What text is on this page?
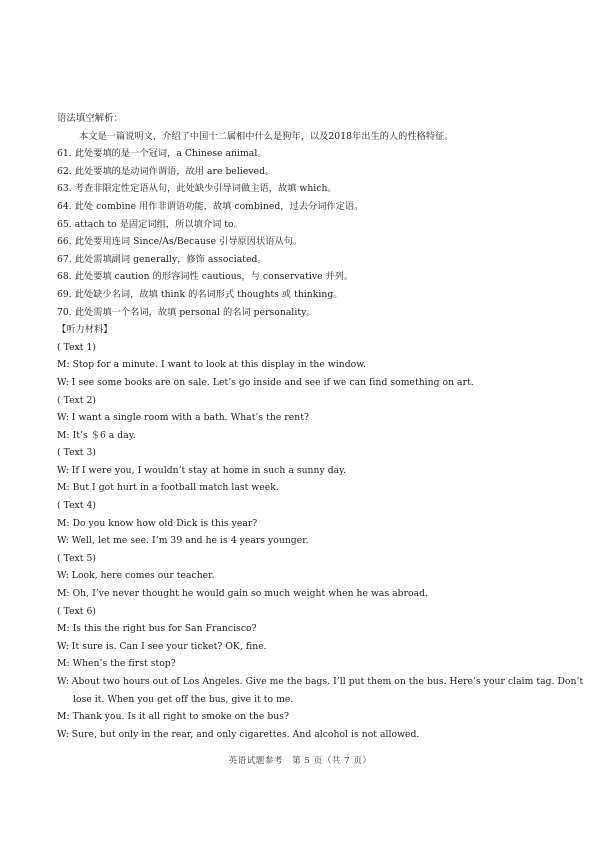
语法填空解析：
本文是一篇说明文，介绍了中国十二属相中什么是狗年，以及2018年出生的人的性格特征。
61. 此处要填的是一个冠词，a Chinese animal。
62. 此处要填的是动词作谓语，故用 are believed。
63. 考查非限定性定语从句，此处缺少引导词做主语，故填 which。
64. 此处 combine 用作非谓语功能，故填 combined，过去分词作定语。
65. attach to 是固定词组，所以填介词 to。
66. 此处要用连词 Since/As/Because 引导原因状语从句。
67. 此处需填副词 generally，修饰 associated。
68. 此处要填 caution 的形容词性 cautious，与 conservative 并列。
69. 此处缺少名词，故填 think 的名词形式 thoughts 或 thinking。
70. 此处需填一个名词，故填 personal 的名词 personality。
【听力材料】
( Text 1)
M: Stop for a minute. I want to look at this display in the window.
W: I see some books are on sale. Let’s go inside and see if we can find something on art.
( Text 2)
W: I want a single room with a bath. What’s the rent?
M: It’s ＄6 a day.
( Text 3)
W: If I were you, I wouldn’t stay at home in such a sunny day.
M: But I got hurt in a football match last week.
( Text 4)
M: Do you know how old Dick is this year?
W: Well, let me see. I’m 39 and he is 4 years younger.
( Text 5)
W: Look, here comes our teacher.
M: Oh, I’ve never thought he would gain so much weight when he was abroad.
( Text 6)
M: Is this the right bus for San Francisco?
W: It sure is. Can I see your ticket? OK, fine.
M: When’s the first stop?
W: About two hours out of Los Angeles. Give me the bags. I’ll put them on the bus. Here’s your claim tag. Don’t
lose it. When you get off the bus, give it to me.
M: Thank you. Is it all right to smoke on the bus?
W: Sure, but only in the rear, and only cigarettes. And alcohol is not allowed.
英语试题参考　第 5 页（共 7 页）
